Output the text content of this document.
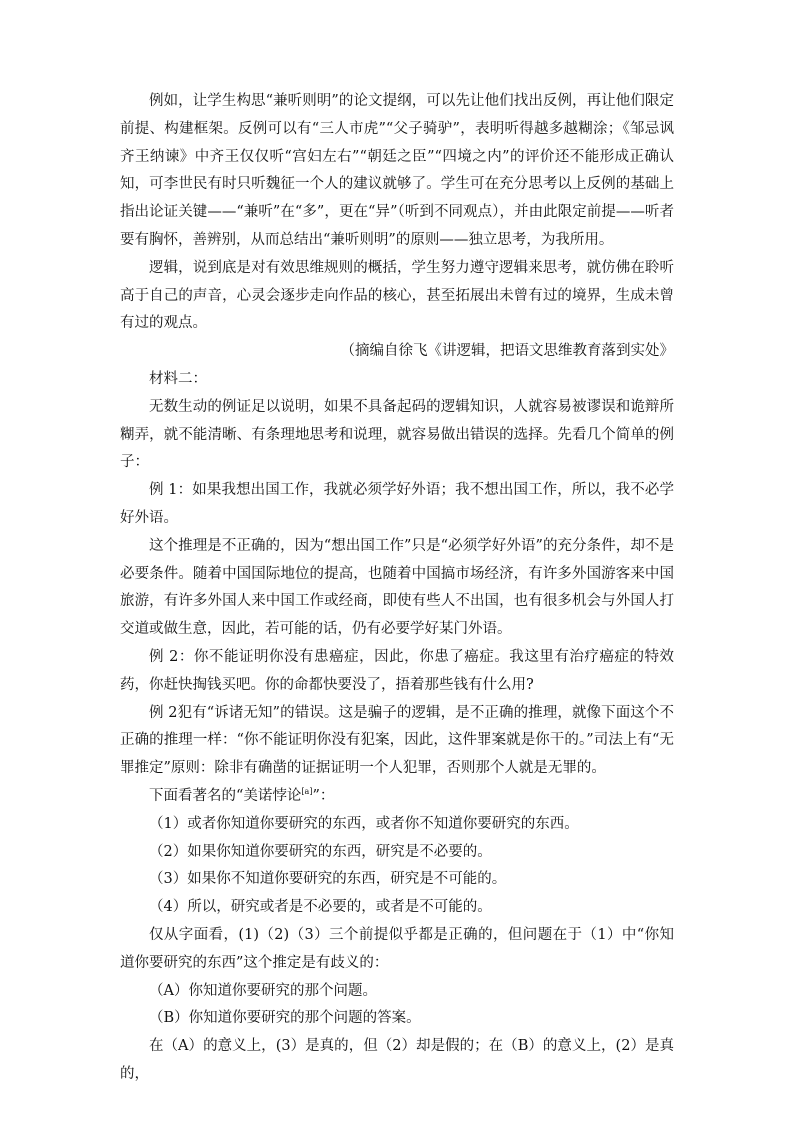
例如，让学生构思“兼听则明”的论文提纲，可以先让他们找出反例，再让他们限定前提、构建框架。反例可以有“三人市虎”“父子骑驴”，表明听得越多越糊涂；《邹忌讽齐王纳谏》中齐王仅仅听“宫妇左右”“朝廷之臣”“四境之内”的评价还不能形成正确认知，可李世民有时只听魏征一个人的建议就够了。学生可在充分思考以上反例的基础上指出论证关键——“兼听”在“多”，更在“异”（听到不同观点），并由此限定前提——听者要有胸怀，善辨别，从而总结出“兼听则明”的原则——独立思考，为我所用。

逻辑，说到底是对有效思维规则的概括，学生努力遵守逻辑来思考，就仿佛在聆听高于自己的声音，心灵会逐步走向作品的核心，甚至拓展出未曾有过的境界，生成未曾有过的观点。

（摘编自徐飞《讲逻辑，把语文思维教育落到实处》

材料二：

无数生动的例证足以说明，如果不具备起码的逻辑知识，人就容易被谬误和诡辩所糊弄，就不能清晰、有条理地思考和说理，就容易做出错误的选择。先看几个简单的例子：

例 1：如果我想出国工作，我就必须学好外语；我不想出国工作，所以，我不必学好外语。

这个推理是不正确的，因为“想出国工作”只是“必须学好外语”的充分条件，却不是必要条件。随着中国国际地位的提高，也随着中国搞市场经济，有许多外国游客来中国旅游，有许多外国人来中国工作或经商，即使有些人不出国，也有很多机会与外国人打交道或做生意，因此，若可能的话，仍有必要学好某门外语。

例 2：你不能证明你没有患癌症，因此，你患了癌症。我这里有治疗癌症的特效药，你赶快掏钱买吧。你的命都快要没了，捂着那些钱有什么用?

例 2犯有“诉诸无知”的错误。这是骗子的逻辑，是不正确的推理，就像下面这个不正确的推理一样：“你不能证明你没有犯案，因此，这件罪案就是你干的。”司法上有“无罪推定”原则：除非有确凿的证据证明一个人犯罪，否则那个人就是无罪的。

下面看著名的“美诺悖论[a]”：

（1）或者你知道你要研究的东西，或者你不知道你要研究的东西。

（2）如果你知道你要研究的东西，研究是不必要的。

（3）如果你不知道你要研究的东西，研究是不可能的。

（4）所以，研究或者是不必要的，或者是不可能的。

仅从字面看，(1)（2)（3）三个前提似乎都是正确的，但问题在于（1）中“你知道你要研究的东西”这个推定是有歧义的：

（A）你知道你要研究的那个问题。

（B）你知道你要研究的那个问题的答案。

在（A）的意义上，(3）是真的，但（2）却是假的；在（B）的意义上，(2）是真的，
